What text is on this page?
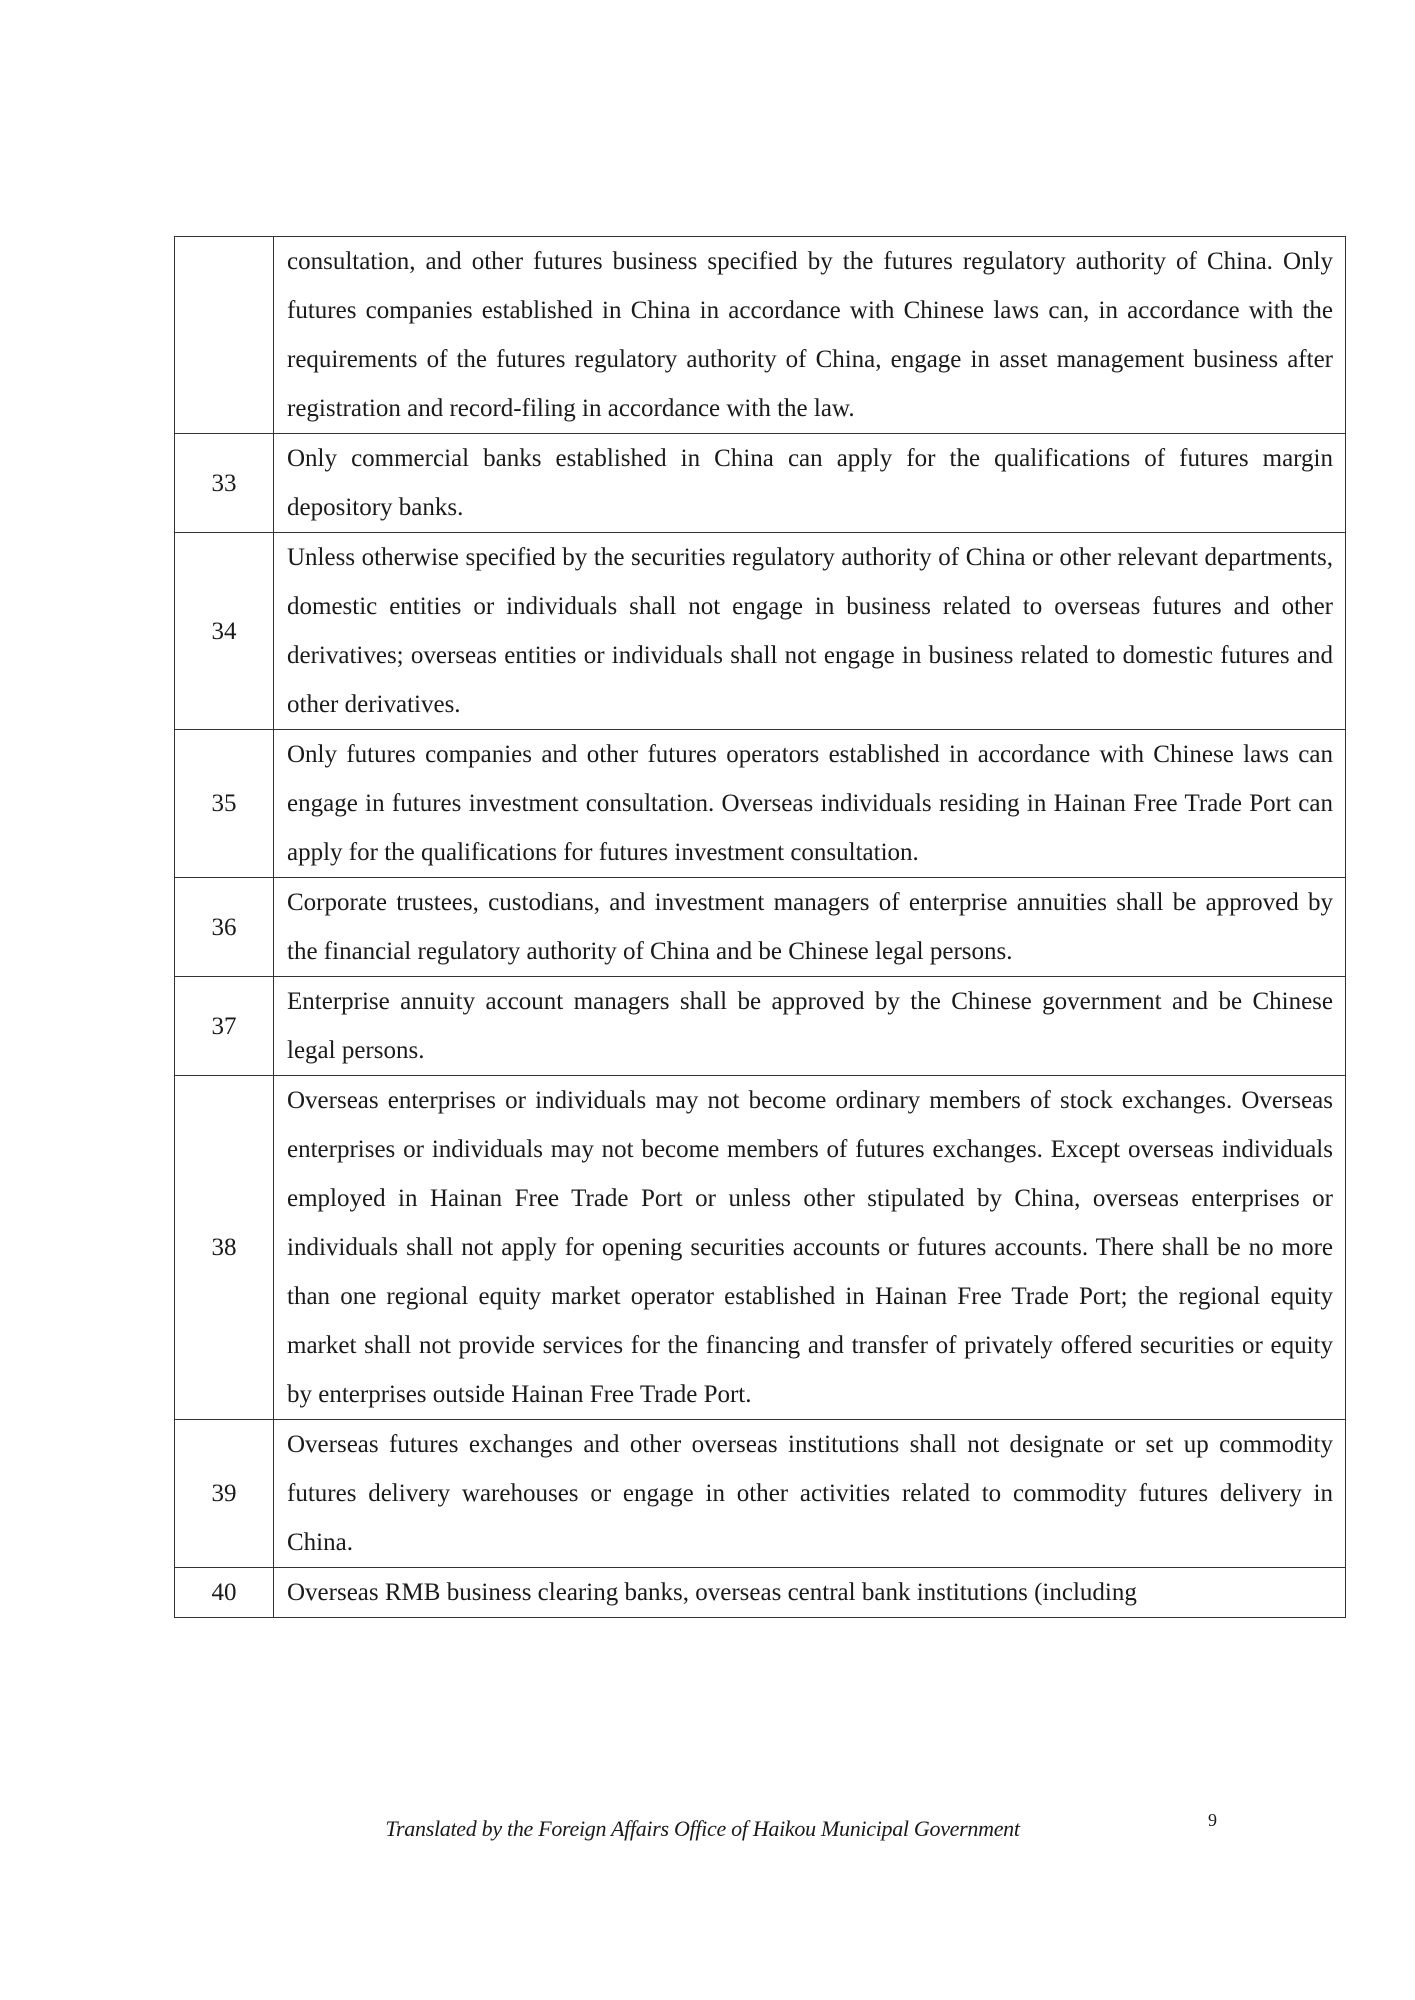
	consultation, and other futures business specified by the futures regulatory authority of China. Only futures companies established in China in accordance with Chinese laws can, in accordance with the requirements of the futures regulatory authority of China, engage in asset management business after registration and record-filing in accordance with the law.
33	Only commercial banks established in China can apply for the qualifications of futures margin depository banks.
34	Unless otherwise specified by the securities regulatory authority of China or other relevant departments, domestic entities or individuals shall not engage in business related to overseas futures and other derivatives; overseas entities or individuals shall not engage in business related to domestic futures and other derivatives.
35	Only futures companies and other futures operators established in accordance with Chinese laws can engage in futures investment consultation. Overseas individuals residing in Hainan Free Trade Port can apply for the qualifications for futures investment consultation.
36	Corporate trustees, custodians, and investment managers of enterprise annuities shall be approved by the financial regulatory authority of China and be Chinese legal persons.
37	Enterprise annuity account managers shall be approved by the Chinese government and be Chinese legal persons.
38	Overseas enterprises or individuals may not become ordinary members of stock exchanges. Overseas enterprises or individuals may not become members of futures exchanges. Except overseas individuals employed in Hainan Free Trade Port or unless other stipulated by China, overseas enterprises or individuals shall not apply for opening securities accounts or futures accounts. There shall be no more than one regional equity market operator established in Hainan Free Trade Port; the regional equity market shall not provide services for the financing and transfer of privately offered securities or equity by enterprises outside Hainan Free Trade Port.
39	Overseas futures exchanges and other overseas institutions shall not designate or set up commodity futures delivery warehouses or engage in other activities related to commodity futures delivery in China.
40	Overseas RMB business clearing banks, overseas central bank institutions (including
Translated by the Foreign Affairs Office of Haikou Municipal Government	9
